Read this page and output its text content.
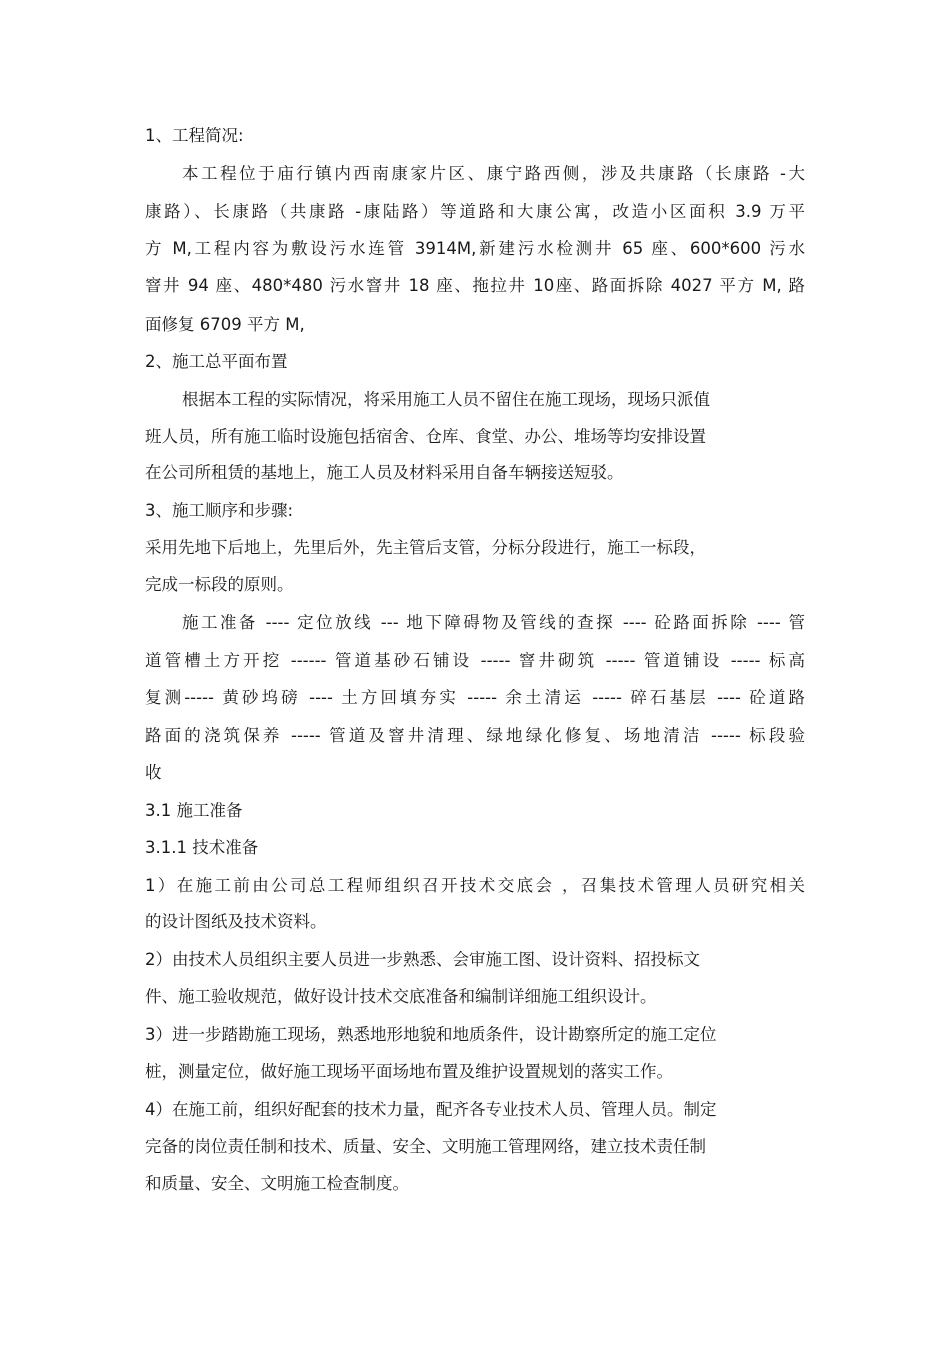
1、工程简况:
本工程位于庙行镇内西南康家片区、康宁路西侧，涉及共康路（长康路 -大
康路）、长康路（共康路 -康陆路）等道路和大康公寓，改造小区面积 3.9 万平
方 M,工程内容为敷设污水连管 3914M,新建污水检测井 65 座、600*600 污水
窨井 94 座、480*480 污水窨井 18 座、拖拉井 10座、路面拆除 4027 平方 M, 路
面修复 6709 平方 M,
2、施工总平面布置
根据本工程的实际情况，将采用施工人员不留住在施工现场，现场只派值
班人员，所有施工临时设施包括宿舍、仓库、食堂、办公、堆场等均安排设置
在公司所租赁的基地上，施工人员及材料采用自备车辆接送短驳。
3、施工顺序和步骤:
采用先地下后地上，先里后外，先主管后支管，分标分段进行，施工一标段，
完成一标段的原则。
施工准备 ---- 定位放线 --- 地下障碍物及管线的查探 ---- 砼路面拆除 ---- 管
道管槽土方开挖 ------ 管道基砂石铺设 ----- 窨井砌筑 ----- 管道铺设 ----- 标高
复测----- 黄砂坞磅 ---- 土方回填夯实 ----- 余土清运 ----- 碎石基层 ---- 砼道路
路面的浇筑保养 ----- 管道及窨井清理、绿地绿化修复、场地清洁 ----- 标段验
收
3.1 施工准备
3.1.1 技术准备
1）在施工前由公司总工程师组织召开技术交底会 ，召集技术管理人员研究相关
的设计图纸及技术资料。
2）由技术人员组织主要人员进一步熟悉、会审施工图、设计资料、招投标文
件、施工验收规范，做好设计技术交底准备和编制详细施工组织设计。
3）进一步踏勘施工现场，熟悉地形地貌和地质条件，设计勘察所定的施工定位
桩，测量定位，做好施工现场平面场地布置及维护设置规划的落实工作。
4）在施工前，组织好配套的技术力量，配齐各专业技术人员、管理人员。制定
完备的岗位责任制和技术、质量、安全、文明施工管理网络，建立技术责任制
和质量、安全、文明施工检查制度。
